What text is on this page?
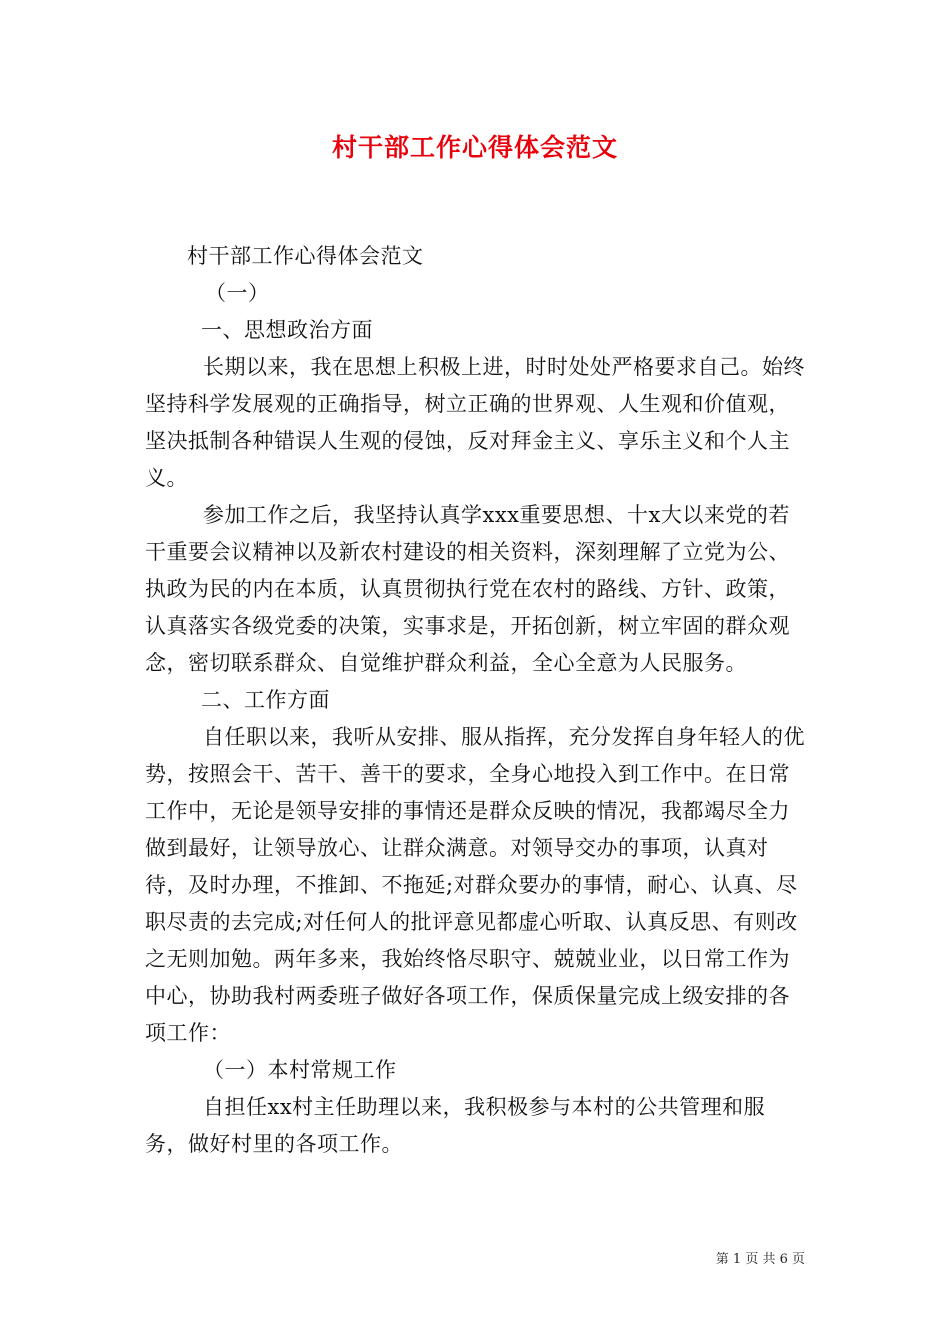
村干部工作心得体会范文

村干部工作心得体会范文

（一）

一、思想政治方面

长期以来，我在思想上积极上进，时时处处严格要求自己。始终坚持科学发展观的正确指导，树立正确的世界观、人生观和价值观，坚决抵制各种错误人生观的侵蚀，反对拜金主义、享乐主义和个人主义。

参加工作之后，我坚持认真学xxx重要思想、十x大以来党的若干重要会议精神以及新农村建设的相关资料，深刻理解了立党为公、执政为民的内在本质，认真贯彻执行党在农村的路线、方针、政策，认真落实各级党委的决策，实事求是，开拓创新，树立牢固的群众观念，密切联系群众、自觉维护群众利益，全心全意为人民服务。

二、工作方面

自任职以来，我听从安排、服从指挥，充分发挥自身年轻人的优势，按照会干、苦干、善干的要求，全身心地投入到工作中。在日常工作中，无论是领导安排的事情还是群众反映的情况，我都竭尽全力做到最好，让领导放心、让群众满意。对领导交办的事项，认真对待，及时办理，不推卸、不拖延;对群众要办的事情，耐心、认真、尽职尽责的去完成;对任何人的批评意见都虚心听取、认真反思、有则改之无则加勉。两年多来，我始终恪尽职守、兢兢业业，以日常工作为中心，协助我村两委班子做好各项工作，保质保量完成上级安排的各项工作：

（一）本村常规工作

自担任xx村主任助理以来，我积极参与本村的公共管理和服务，做好村里的各项工作。

第 1 页 共 6 页
